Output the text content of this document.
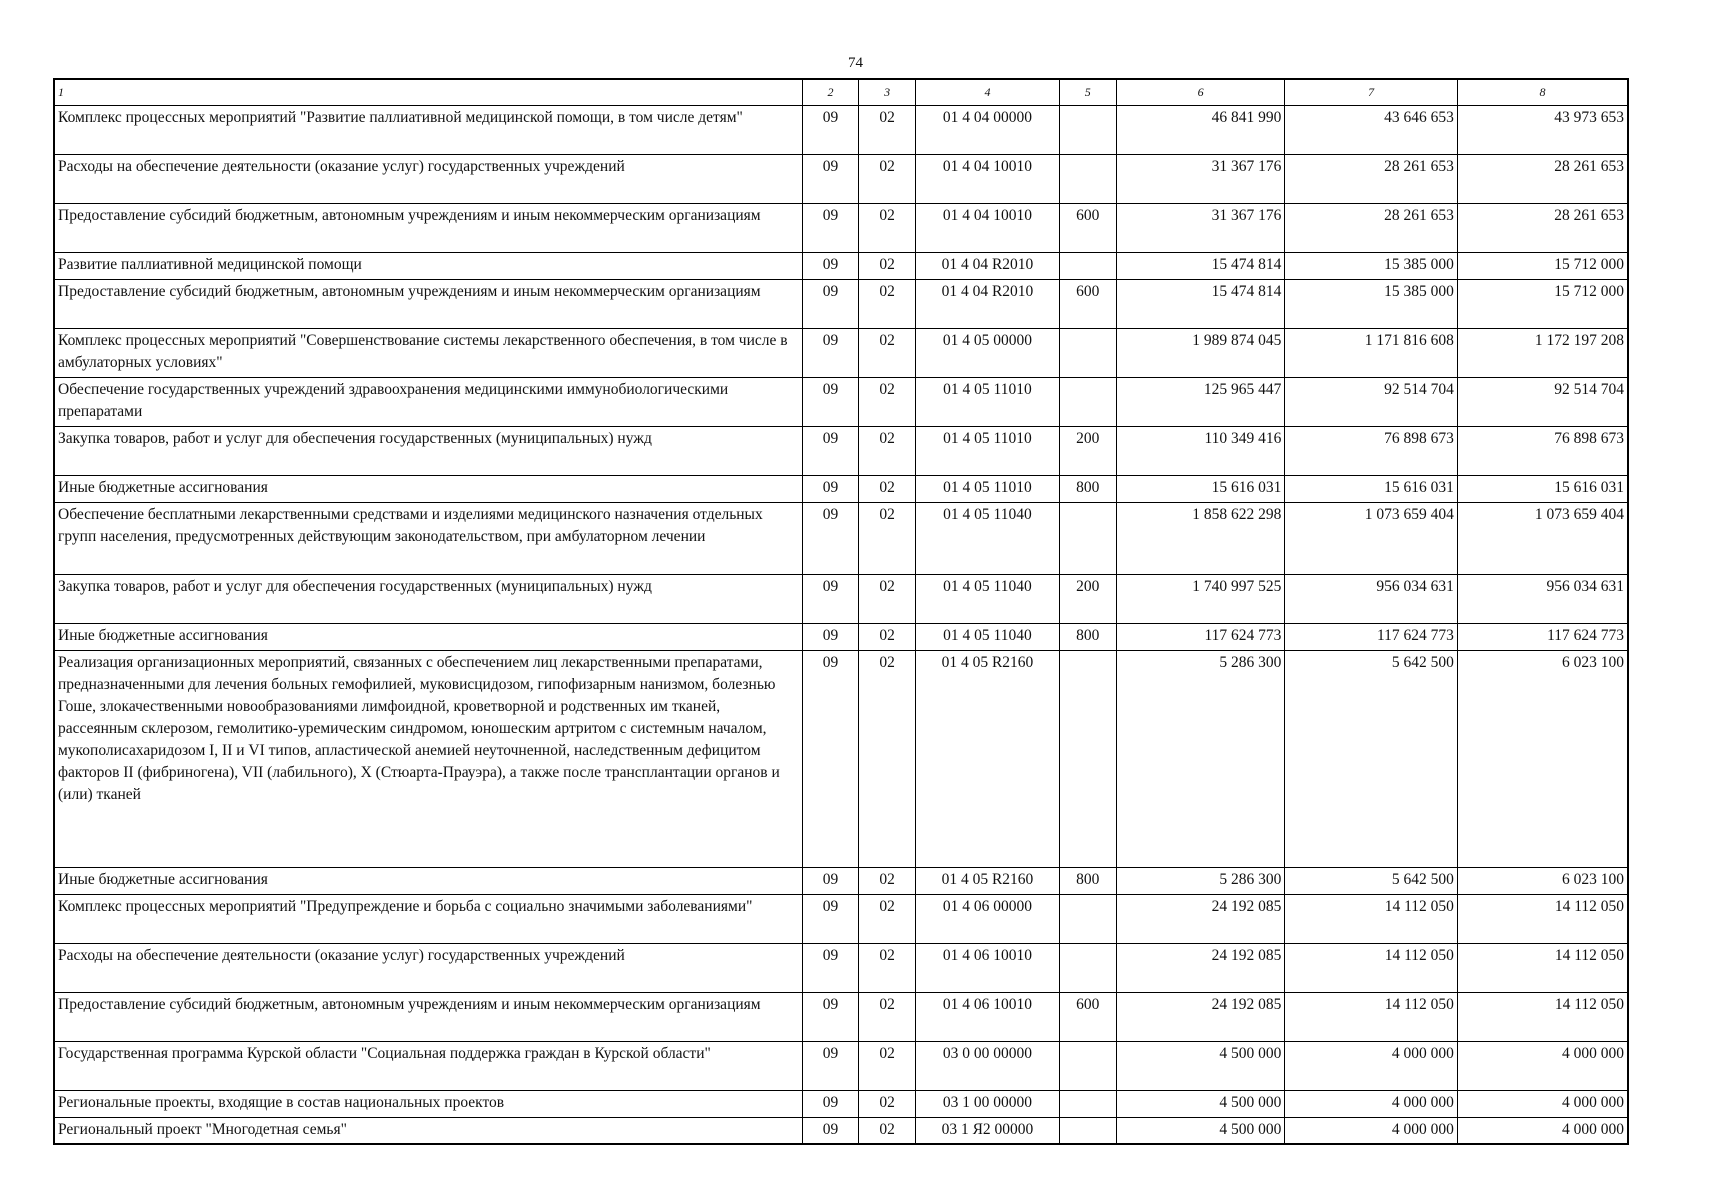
74
1	2	3	4	5	6	7	8
Комплекс процессных мероприятий "Развитие паллиативной медицинской помощи, в том числе детям"	09	02	01 4 04 00000		46 841 990	43 646 653	43 973 653
Расходы на обеспечение деятельности (оказание услуг) государственных учреждений	09	02	01 4 04 10010		31 367 176	28 261 653	28 261 653
Предоставление субсидий бюджетным, автономным учреждениям и иным некоммерческим организациям	09	02	01 4 04 10010	600	31 367 176	28 261 653	28 261 653
Развитие паллиативной медицинской помощи	09	02	01 4 04 R2010		15 474 814	15 385 000	15 712 000
Предоставление субсидий бюджетным, автономным учреждениям и иным некоммерческим организациям	09	02	01 4 04 R2010	600	15 474 814	15 385 000	15 712 000
Комплекс процессных мероприятий "Совершенствование системы лекарственного обеспечения, в том числе в амбулаторных условиях"	09	02	01 4 05 00000		1 989 874 045	1 171 816 608	1 172 197 208
Обеспечение государственных учреждений здравоохранения медицинскими иммунобиологическими препаратами	09	02	01 4 05 11010		125 965 447	92 514 704	92 514 704
Закупка товаров, работ и услуг для обеспечения государственных (муниципальных) нужд	09	02	01 4 05 11010	200	110 349 416	76 898 673	76 898 673
Иные бюджетные ассигнования	09	02	01 4 05 11010	800	15 616 031	15 616 031	15 616 031
Обеспечение бесплатными лекарственными средствами и изделиями медицинского назначения отдельных групп населения, предусмотренных действующим законодательством, при амбулаторном лечении	09	02	01 4 05 11040		1 858 622 298	1 073 659 404	1 073 659 404
Закупка товаров, работ и услуг для обеспечения государственных (муниципальных) нужд	09	02	01 4 05 11040	200	1 740 997 525	956 034 631	956 034 631
Иные бюджетные ассигнования	09	02	01 4 05 11040	800	117 624 773	117 624 773	117 624 773
Реализация организационных мероприятий, связанных с обеспечением лиц лекарственными препаратами, предназначенными для лечения больных гемофилией, муковисцидозом, гипофизарным нанизмом, болезнью Гоше, злокачественными новообразованиями лимфоидной, кроветворной и родственных им тканей, рассеянным склерозом, гемолитико-уремическим синдромом, юношеским артритом с системным началом, мукополисахаридозом I, II и VI типов, апластической анемией неуточненной, наследственным дефицитом факторов II (фибриногена), VII (лабильного), X (Стюарта-Прауэра), а также после трансплантации органов и (или) тканей	09	02	01 4 05 R2160		5 286 300	5 642 500	6 023 100
Иные бюджетные ассигнования	09	02	01 4 05 R2160	800	5 286 300	5 642 500	6 023 100
Комплекс процессных мероприятий "Предупреждение и борьба с социально значимыми заболеваниями"	09	02	01 4 06 00000		24 192 085	14 112 050	14 112 050
Расходы на обеспечение деятельности (оказание услуг) государственных учреждений	09	02	01 4 06 10010		24 192 085	14 112 050	14 112 050
Предоставление субсидий бюджетным, автономным учреждениям и иным некоммерческим организациям	09	02	01 4 06 10010	600	24 192 085	14 112 050	14 112 050
Государственная программа Курской области "Социальная поддержка граждан в Курской области"	09	02	03 0 00 00000		4 500 000	4 000 000	4 000 000
Региональные проекты, входящие в состав национальных проектов	09	02	03 1 00 00000		4 500 000	4 000 000	4 000 000
Региональный проект "Многодетная семья"	09	02	03 1 Я2 00000		4 500 000	4 000 000	4 000 000
